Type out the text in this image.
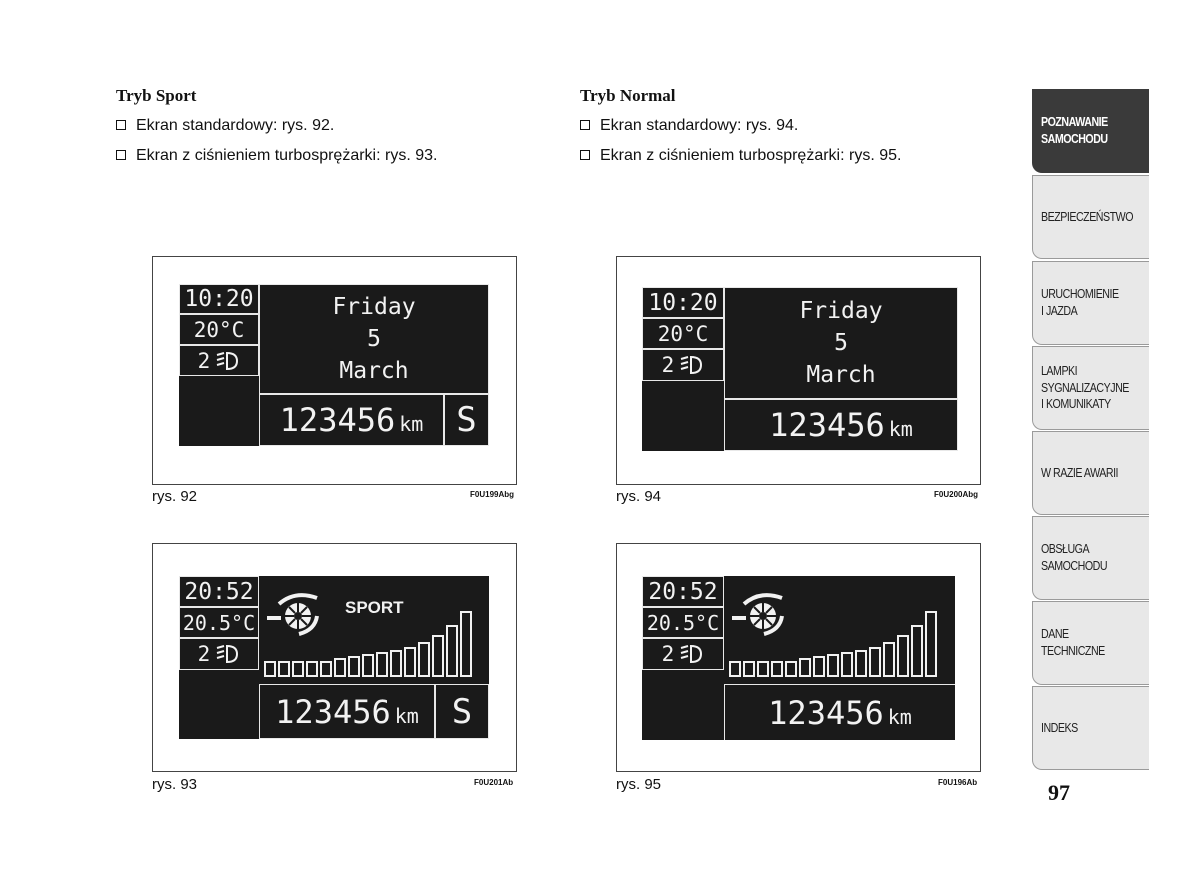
Tryb Sport
Ekran standardowy: rys. 92.
Ekran z ciśnieniem turbosprężarki: rys. 93.
Tryb Normal
Ekran standardowy: rys. 94.
Ekran z ciśnieniem turbosprężarki: rys. 95.
10:20
20°C
2
Friday
5
March
123456 km S
rys. 92	F0U199Abg
10:20
20°C
2
Friday
5
March
123456 km
rys. 94	F0U200Abg
20:52
20.5°C
2
SPORT
123456 km S
rys. 93	F0U201Ab
20:52
20.5°C
2
123456 km
rys. 95	F0U196Ab
POZNAWANIE
SAMOCHODU
BEZPIECZEŃSTWO
URUCHOMIENIE
I JAZDA
LAMPKI
SYGNALIZACYJNE
I KOMUNIKATY
W RAZIE AWARII
OBSŁUGA
SAMOCHODU
DANE
TECHNICZNE
INDEKS
97
